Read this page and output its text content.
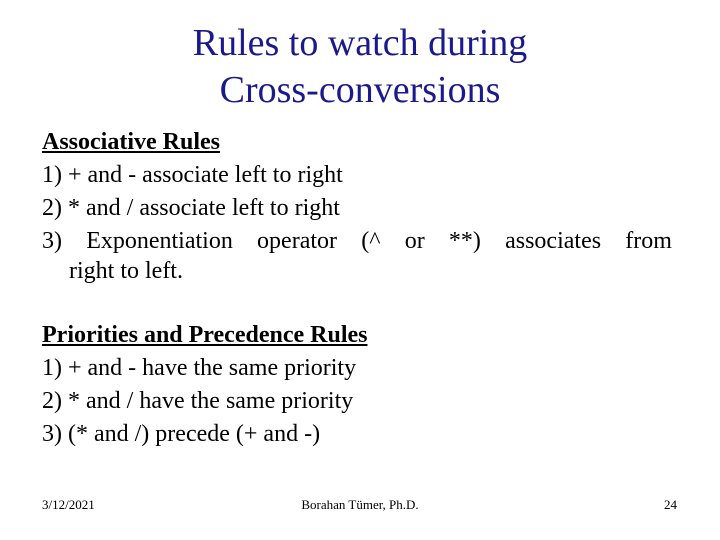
Rules to watch during
Cross-conversions
Associative Rules
1) + and - associate left to right
2) * and / associate left to right
3) Exponentiation operator (^ or **) associates from
right to left.
Priorities and Precedence Rules
1) + and - have the same priority
2) * and / have the same priority
3) (* and /) precede (+ and -)
3/12/2021	Borahan Tümer, Ph.D.	24
